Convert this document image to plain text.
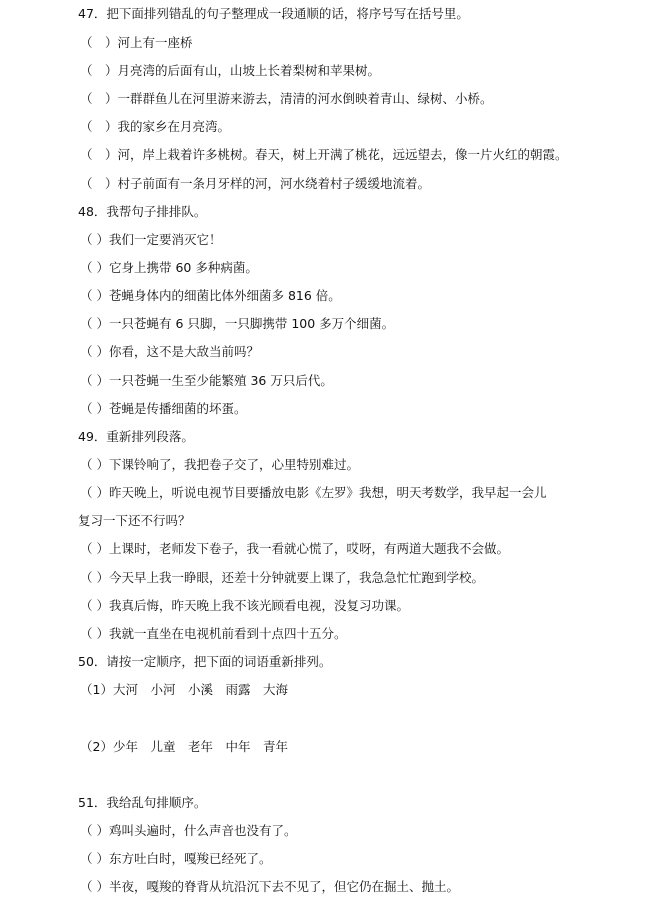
47．把下面排列错乱的句子整理成一段通顺的话，将序号写在括号里。
（　）河上有一座桥
（　）月亮湾的后面有山，山坡上长着梨树和苹果树。
（　）一群群鱼儿在河里游来游去，清清的河水倒映着青山、绿树、小桥。
（　）我的家乡在月亮湾。
（　）河，岸上栽着许多桃树。春天，树上开满了桃花，远远望去，像一片火红的朝霞。
（　）村子前面有一条月牙样的河，河水绕着村子缓缓地流着。
48．我帮句子排排队。
（ ）我们一定要消灭它！
（ ）它身上携带 60 多种病菌。
（ ）苍蝇身体内的细菌比体外细菌多 816 倍。
（ ）一只苍蝇有 6 只脚，一只脚携带 100 多万个细菌。
（ ）你看，这不是大敌当前吗？
（ ）一只苍蝇一生至少能繁殖 36 万只后代。
（ ）苍蝇是传播细菌的坏蛋。
49．重新排列段落。
（ ）下课铃响了，我把卷子交了，心里特别难过。
（ ）昨天晚上，听说电视节目要播放电影《左罗》我想，明天考数学，我早起一会儿
复习一下还不行吗？
（ ）上课时，老师发下卷子，我一看就心慌了，哎呀，有两道大题我不会做。
（ ）今天早上我一睁眼，还差十分钟就要上课了，我急急忙忙跑到学校。
（ ）我真后悔，昨天晚上我不该光顾看电视，没复习功课。
（ ）我就一直坐在电视机前看到十点四十五分。
50．请按一定顺序，把下面的词语重新排列。
（1）大河　小河　小溪　雨露　大海
（2）少年　儿童　老年　中年　青年
51．我给乱句排顺序。
（ ）鸡叫头遍时，什么声音也没有了。
（ ）东方吐白时，嘎羧已经死了。
（ ）半夜，嘎羧的脊背从坑沿沉下去不见了，但它仍在掘土、抛土。
